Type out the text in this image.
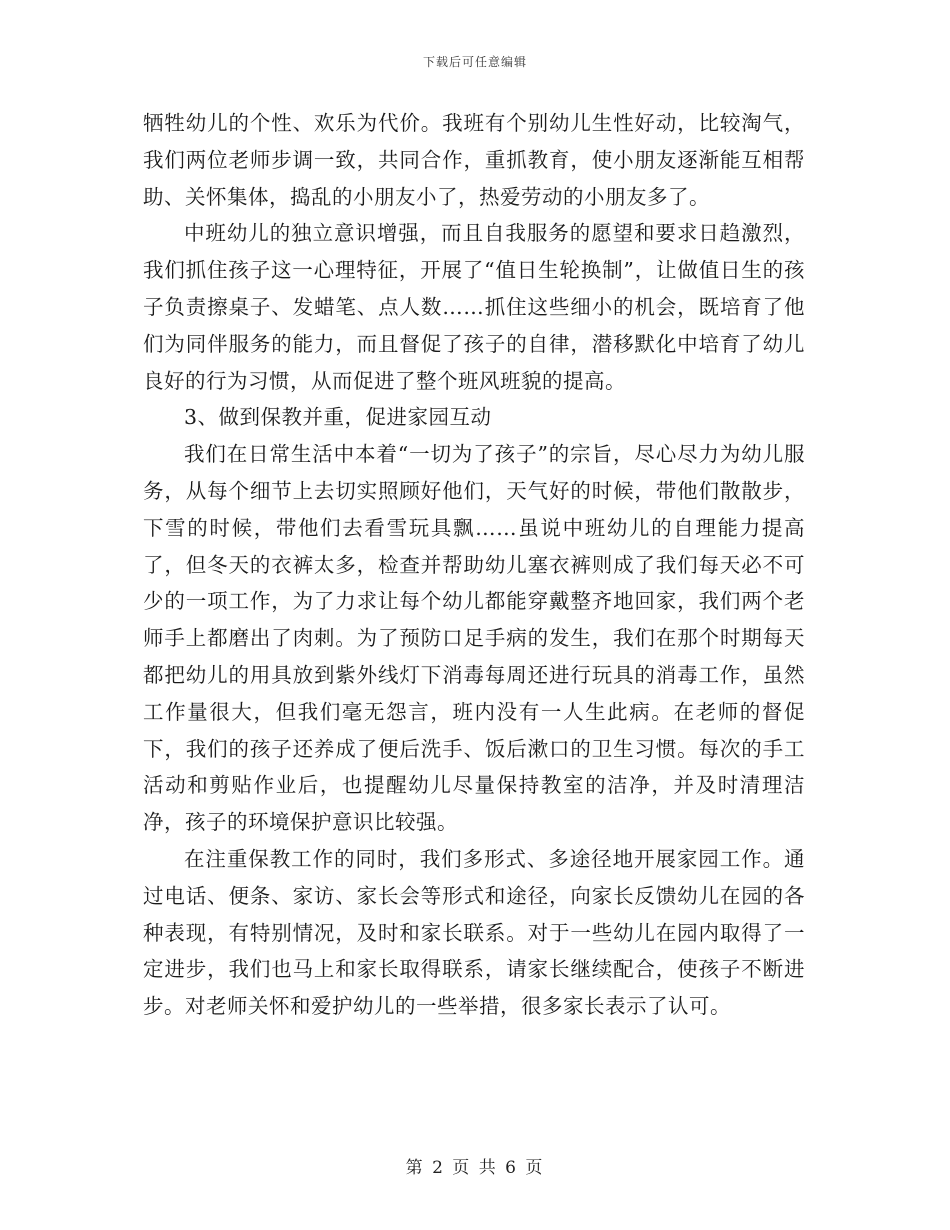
下载后可任意编辑

牺牲幼儿的个性、欢乐为代价。我班有个别幼儿生性好动，比较淘气，我们两位老师步调一致，共同合作，重抓教育，使小朋友逐渐能互相帮助、关怀集体，捣乱的小朋友小了，热爱劳动的小朋友多了。

中班幼儿的独立意识增强，而且自我服务的愿望和要求日趋激烈，我们抓住孩子这一心理特征，开展了“值日生轮换制”，让做值日生的孩子负责擦桌子、发蜡笔、点人数……抓住这些细小的机会，既培育了他们为同伴服务的能力，而且督促了孩子的自律，潜移默化中培育了幼儿良好的行为习惯，从而促进了整个班风班貌的提高。

3、做到保教并重，促进家园互动

我们在日常生活中本着“一切为了孩子”的宗旨，尽心尽力为幼儿服务，从每个细节上去切实照顾好他们，天气好的时候，带他们散散步，下雪的时候，带他们去看雪玩具飘……虽说中班幼儿的自理能力提高了，但冬天的衣裤太多，检查并帮助幼儿塞衣裤则成了我们每天必不可少的一项工作，为了力求让每个幼儿都能穿戴整齐地回家，我们两个老师手上都磨出了肉刺。为了预防口足手病的发生，我们在那个时期每天都把幼儿的用具放到紫外线灯下消毒每周还进行玩具的消毒工作，虽然工作量很大，但我们毫无怨言，班内没有一人生此病。在老师的督促下，我们的孩子还养成了便后洗手、饭后漱口的卫生习惯。每次的手工活动和剪贴作业后，也提醒幼儿尽量保持教室的洁净，并及时清理洁净，孩子的环境保护意识比较强。

在注重保教工作的同时，我们多形式、多途径地开展家园工作。通过电话、便条、家访、家长会等形式和途径，向家长反馈幼儿在园的各种表现，有特别情况，及时和家长联系。对于一些幼儿在园内取得了一定进步，我们也马上和家长取得联系，请家长继续配合，使孩子不断进步。对老师关怀和爱护幼儿的一些举措，很多家长表示了认可。

第 2 页 共 6 页
